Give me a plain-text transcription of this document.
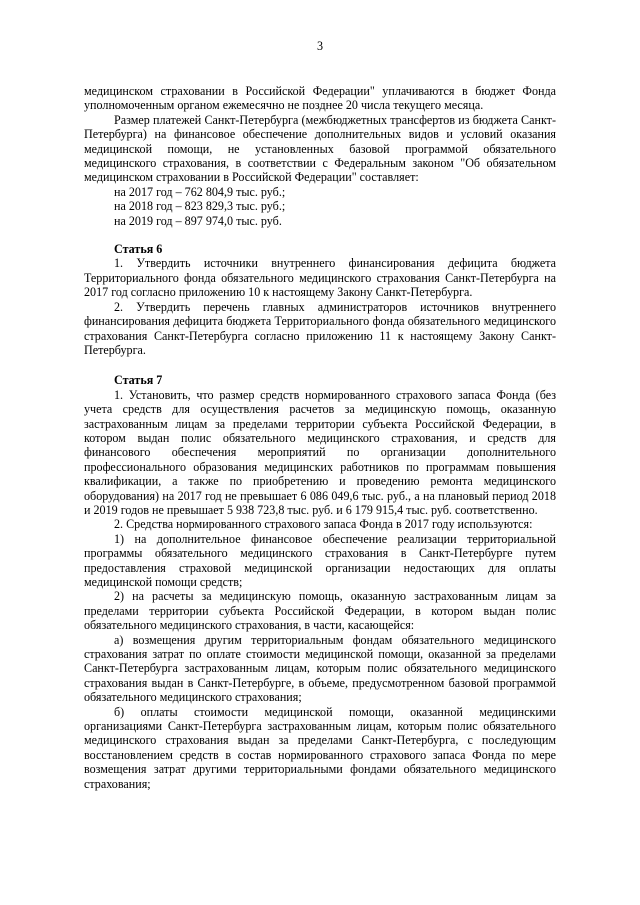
3

медицинском страховании в Российской Федерации" уплачиваются в бюджет Фонда уполномоченным органом ежемесячно не позднее 20 числа текущего месяца.

Размер платежей Санкт-Петербурга (межбюджетных трансфертов из бюджета Санкт-Петербурга) на финансовое обеспечение дополнительных видов и условий оказания медицинской помощи, не установленных базовой программой обязательного медицинского страхования, в соответствии с Федеральным законом "Об обязательном медицинском страховании в Российской Федерации" составляет:

на 2017 год – 762 804,9 тыс. руб.;

на 2018 год – 823 829,3 тыс. руб.;

на 2019 год – 897 974,0 тыс. руб.

Статья 6

1. Утвердить источники внутреннего финансирования дефицита бюджета Территориального фонда обязательного медицинского страхования Санкт-Петербурга на 2017 год согласно приложению 10 к настоящему Закону Санкт-Петербурга.

2. Утвердить перечень главных администраторов источников внутреннего финансирования дефицита бюджета Территориального фонда обязательного медицинского страхования Санкт-Петербурга согласно приложению 11 к настоящему Закону Санкт-Петербурга.

Статья 7

1. Установить, что размер средств нормированного страхового запаса Фонда (без учета средств для осуществления расчетов за медицинскую помощь, оказанную застрахованным лицам за пределами территории субъекта Российской Федерации, в котором выдан полис обязательного медицинского страхования, и средств для финансового обеспечения мероприятий по организации дополнительного профессионального образования медицинских работников по программам повышения квалификации, а также по приобретению и проведению ремонта медицинского оборудования) на 2017 год не превышает 6 086 049,6 тыс. руб., а на плановый период 2018 и 2019 годов не превышает 5 938 723,8 тыс. руб. и 6 179 915,4 тыс. руб. соответственно.

2. Средства нормированного страхового запаса Фонда в 2017 году используются:

1) на дополнительное финансовое обеспечение реализации территориальной программы обязательного медицинского страхования в Санкт-Петербурге путем предоставления страховой медицинской организации недостающих для оплаты медицинской помощи средств;

2) на расчеты за медицинскую помощь, оказанную застрахованным лицам за пределами территории субъекта Российской Федерации, в котором выдан полис обязательного медицинского страхования, в части, касающейся:

а) возмещения другим территориальным фондам обязательного медицинского страхования затрат по оплате стоимости медицинской помощи, оказанной за пределами Санкт-Петербурга застрахованным лицам, которым полис обязательного медицинского страхования выдан в Санкт-Петербурге, в объеме, предусмотренном базовой программой обязательного медицинского страхования;

б) оплаты стоимости медицинской помощи, оказанной медицинскими организациями Санкт-Петербурга застрахованным лицам, которым полис обязательного медицинского страхования выдан за пределами Санкт-Петербурга, с последующим восстановлением средств в состав нормированного страхового запаса Фонда по мере возмещения затрат другими территориальными фондами обязательного медицинского страхования;
